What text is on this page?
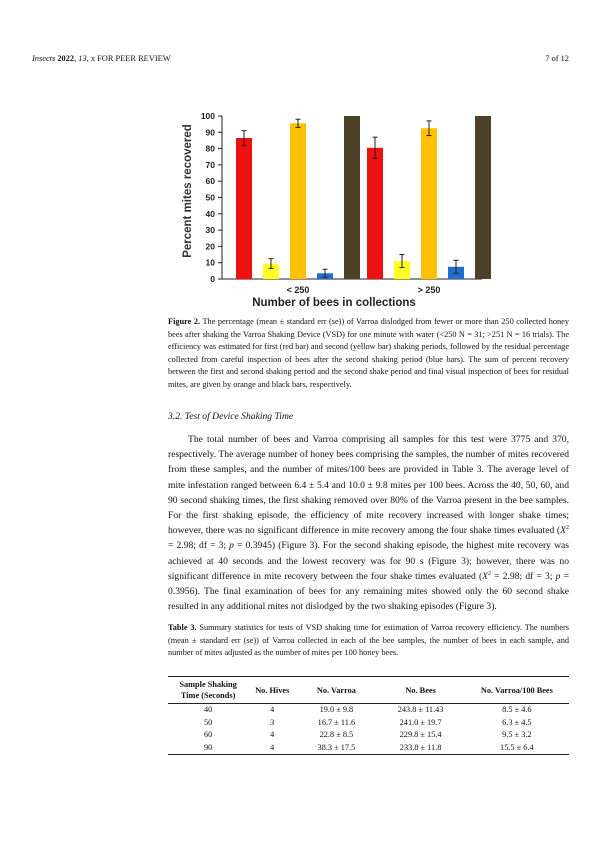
Insects 2022, 13, x FOR PEER REVIEW	7 of 12
0
10
20
30
40
50
60
70
80
90
100
< 250	> 250
Percent mites recovered
Number of bees in collections
Figure 2. The percentage (mean ± standard err (se)) of Varroa dislodged from fewer or more than 250 collected honey bees after shaking the Varroa Shaking Device (VSD) for one minute with water (<250 N = 31; >251 N = 16 trials). The efficiency was estimated for first (red bar) and second (yellow bar) shaking periods, followed by the residual percentage collected from careful inspection of bees after the second shaking period (blue bars). The sum of percent recovery between the first and second shaking period and the second shake period and final visual inspection of bees for residual mites, are given by orange and black bars, respectively.
3.2. Test of Device Shaking Time
The total number of bees and Varroa comprising all samples for this test were 3775 and 370, respectively. The average number of honey bees comprising the samples, the number of mites recovered from these samples, and the number of mites/100 bees are provided in Table 3. The average level of mite infestation ranged between 6.4 ± 5.4 and 10.0 ± 9.8 mites per 100 bees. Across the 40, 50, 60, and 90 second shaking times, the first shaking removed over 80% of the Varroa present in the bee samples. For the first shaking episode, the efficiency of mite recovery increased with longer shake times; however, there was no significant difference in mite recovery among the four shake times evaluated ($X^2 = 2.98$; df = 3; p = 0.3945) (Figure 3). For the second shaking episode, the highest mite recovery was achieved at 40 seconds and the lowest recovery was for 90 s (Figure 3); however, there was no significant difference in mite recovery between the four shake times evaluated ($X^2 = 2.98$; df = 3; p = 0.3956). The final examination of bees for any remaining mites showed only the 60 second shake resulted in any additional mites not dislodged by the two shaking episodes (Figure 3).
Table 3. Summary statistics for tests of VSD shaking time for estimation of Varroa recovery efficiency. The numbers (mean ± standard err (se)) of Varroa collected in each of the bee samples, the number of bees in each sample, and number of mites adjusted as the number of mites per 100 honey bees.
Sample Shaking Time (Seconds)	No. Hives	No. Varroa	No. Bees	No. Varroa/100 Bees
40	4	19.0 ± 9.8	243.8 ± 11.43	8.5 ± 4.6
50	3	16.7 ± 11.6	241.0 ± 19.7	6.3 ± 4.5
60	4	22.8 ± 8.5	229.8 ± 15.4	9.5 ± 3.2
90	4	38.3 ± 17.5	233.8 ± 11.8	15.5 ± 6.4
